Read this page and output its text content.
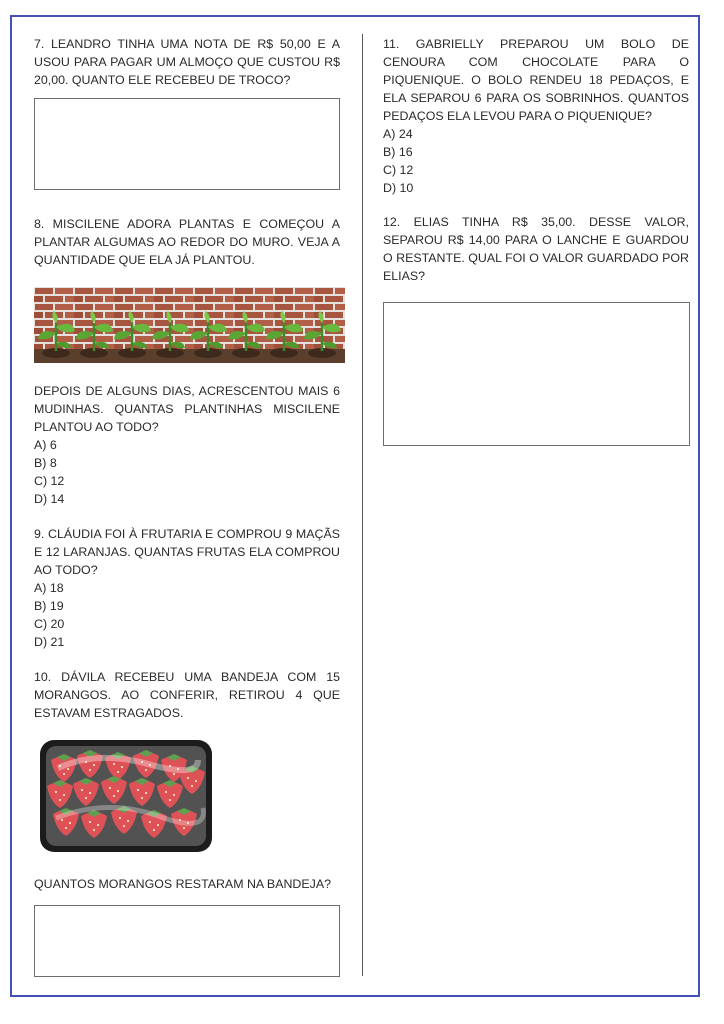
7. LEANDRO TINHA UMA NOTA DE R$ 50,00 E A USOU PARA PAGAR UM ALMOÇO QUE CUSTOU R$ 20,00. QUANTO ELE RECEBEU DE TROCO?

8. MISCILENE ADORA PLANTAS E COMEÇOU A PLANTAR ALGUMAS AO REDOR DO MURO. VEJA A QUANTIDADE QUE ELA JÁ PLANTOU.

DEPOIS DE ALGUNS DIAS, ACRESCENTOU MAIS 6 MUDINHAS. QUANTAS PLANTINHAS MISCILENE PLANTOU AO TODO?

A) 6
B) 8
C) 12
D) 14

9. CLÁUDIA FOI À FRUTARIA E COMPROU 9 MAÇÃS E 12 LARANJAS. QUANTAS FRUTAS ELA COMPROU AO TODO?

A) 18
B) 19
C) 20
D) 21

10. DÁVILA RECEBEU UMA BANDEJA COM 15 MORANGOS. AO CONFERIR, RETIROU 4 QUE ESTAVAM ESTRAGADOS.

QUANTOS MORANGOS RESTARAM NA BANDEJA?

11. GABRIELLY PREPAROU UM BOLO DE CENOURA COM CHOCOLATE PARA O PIQUENIQUE. O BOLO RENDEU 18 PEDAÇOS, E ELA SEPAROU 6 PARA OS SOBRINHOS. QUANTOS PEDAÇOS ELA LEVOU PARA O PIQUENIQUE?

A) 24
B) 16
C) 12
D) 10

12. ELIAS TINHA R$ 35,00. DESSE VALOR, SEPAROU R$ 14,00 PARA O LANCHE E GUARDOU O RESTANTE. QUAL FOI O VALOR GUARDADO POR ELIAS?
